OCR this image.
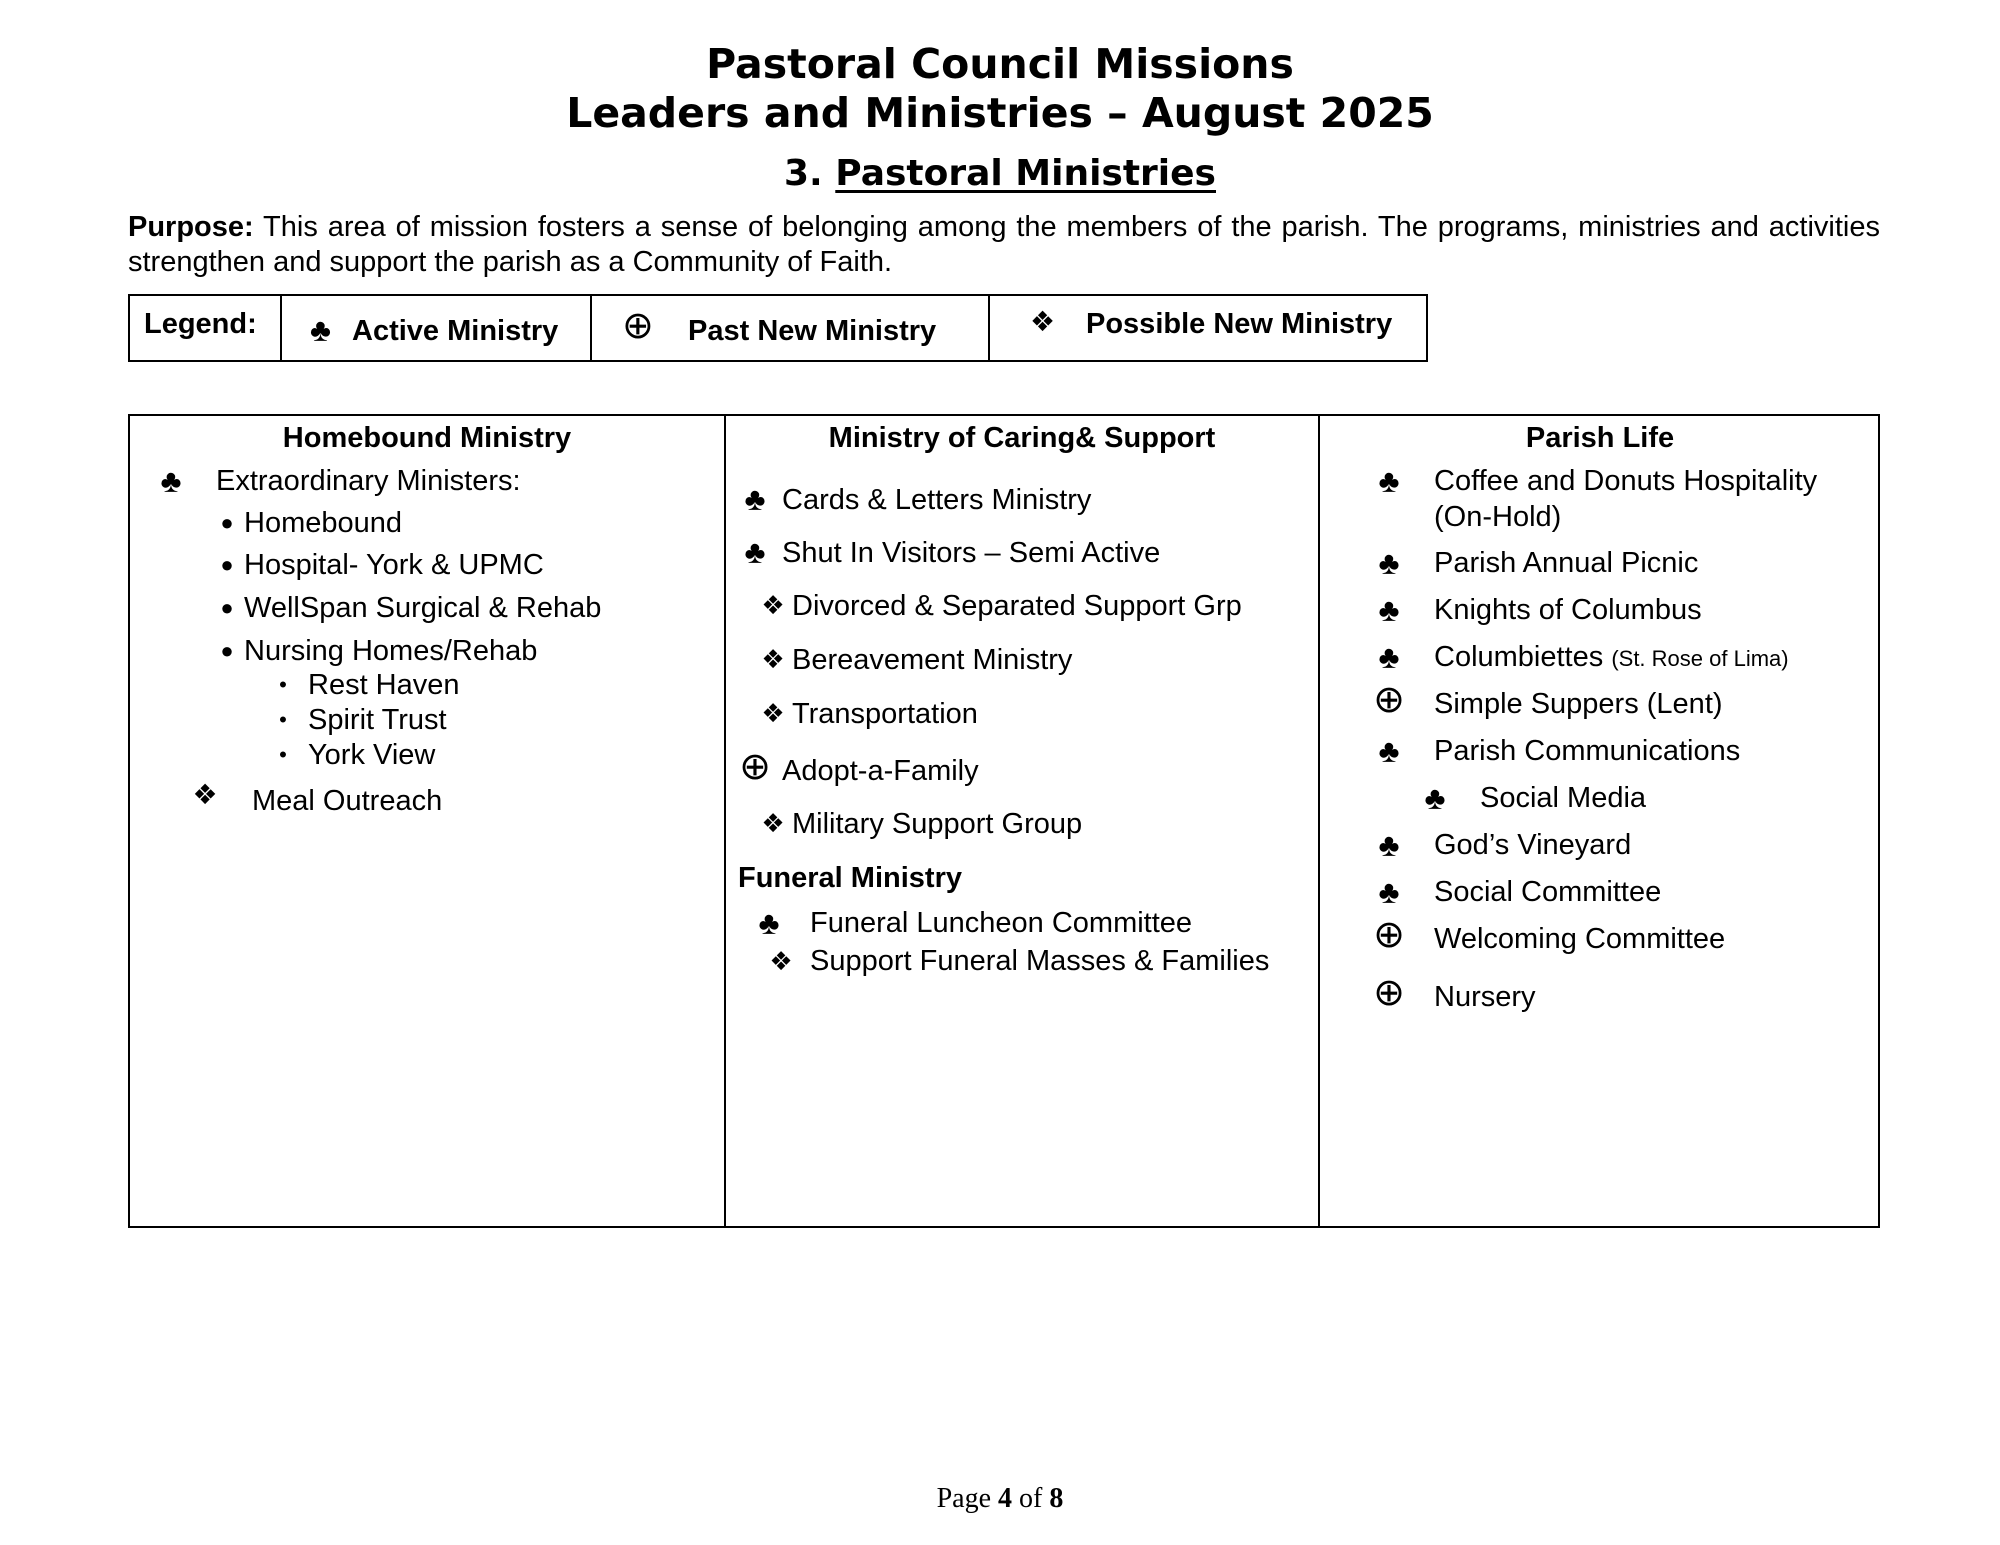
Pastoral Council Missions
Leaders and Ministries – August 2025
3. Pastoral Ministries
Purpose: This area of mission fosters a sense of belonging among the members of the parish. The programs, ministries and activities strengthen and support the parish as a Community of Faith.
Legend: ♣ Active Ministry ⊕ Past New Ministry	❖ Possible New Ministry
Homebound Ministry
♣ Extraordinary Ministers:
● Homebound
● Hospital- York & UPMC
● WellSpan Surgical & Rehab
● Nursing Homes/Rehab
• Rest Haven
• Spirit Trust
• York View
❖ Meal Outreach
Ministry of Caring& Support
♣ Cards & Letters Ministry
♣ Shut In Visitors – Semi Active
❖ Divorced & Separated Support Grp
❖ Bereavement Ministry
❖ Transportation
⊕ Adopt-a-Family
❖ Military Support Group
Funeral Ministry
♣ Funeral Luncheon Committee
❖ Support Funeral Masses & Families
Parish Life
♣ Coffee and Donuts Hospitality
(On-Hold)
♣ Parish Annual Picnic
♣ Knights of Columbus
♣ Columbiettes (St. Rose of Lima)
⊕ Simple Suppers (Lent)
♣ Parish Communications
♣ Social Media
♣ God’s Vineyard
♣ Social Committee
⊕ Welcoming Committee
⊕ Nursery
Page 4 of 8
